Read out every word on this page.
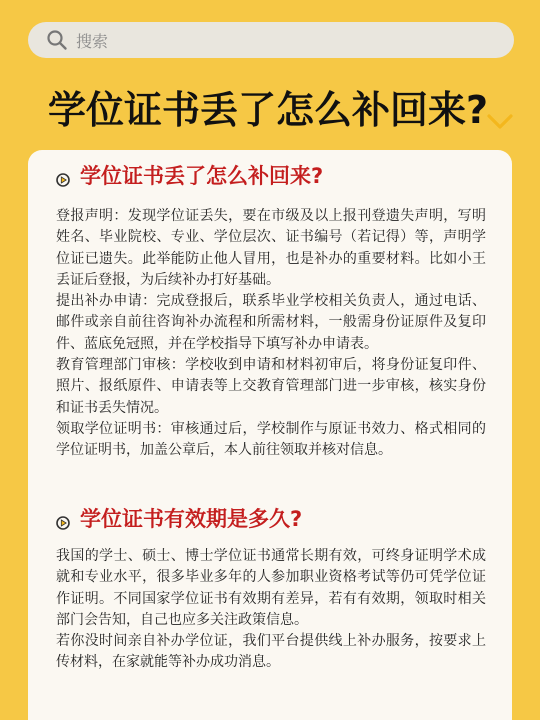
搜索
学位证书丢了怎么补回来?
学位证书丢了怎么补回来?

登报声明：发现学位证丢失，要在市级及以上报刊登遗失声明，写明姓名、毕业院校、专业、学位层次、证书编号（若记得）等，声明学位证已遗失。此举能防止他人冒用，也是补办的重要材料。比如小王丢证后登报，为后续补办打好基础。

提出补办申请：完成登报后，联系毕业学校相关负责人，通过电话、邮件或亲自前往咨询补办流程和所需材料，一般需身份证原件及复印件、蓝底免冠照，并在学校指导下填写补办申请表。

教育管理部门审核：学校收到申请和材料初审后，将身份证复印件、照片、报纸原件、申请表等上交教育管理部门进一步审核，核实身份和证书丢失情况。

领取学位证明书：审核通过后，学校制作与原证书效力、格式相同的学位证明书，加盖公章后，本人前往领取并核对信息。

学位证书有效期是多久?

我国的学士、硕士、博士学位证书通常长期有效，可终身证明学术成就和专业水平，很多毕业多年的人参加职业资格考试等仍可凭学位证作证明。不同国家学位证书有效期有差异，若有有效期，领取时相关部门会告知，自己也应多关注政策信息。

若你没时间亲自补办学位证，我们平台提供线上补办服务，按要求上传材料，在家就能等补办成功消息。
